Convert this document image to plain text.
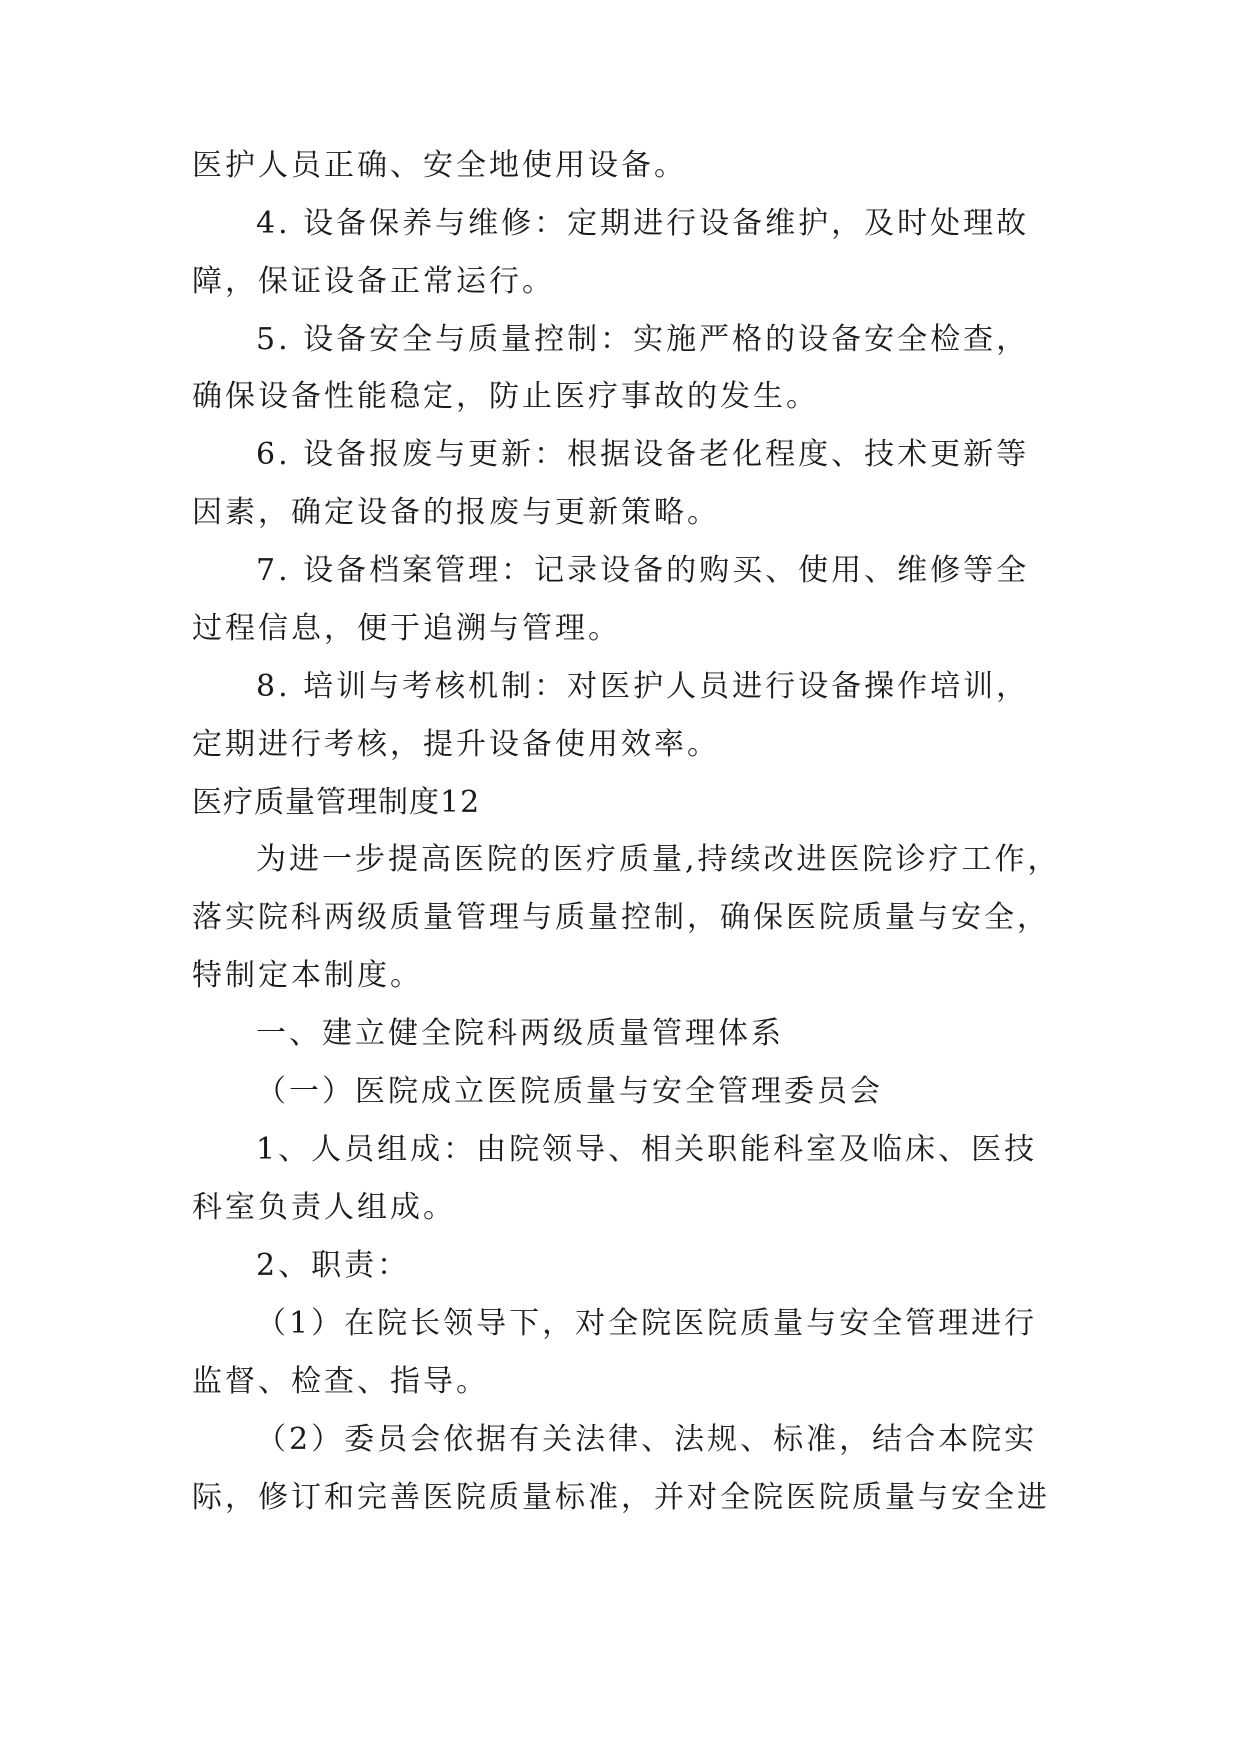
医护人员正确、安全地使用设备。
4. 设备保养与维修：定期进行设备维护，及时处理故
障，保证设备正常运行。
5. 设备安全与质量控制：实施严格的设备安全检查，
确保设备性能稳定，防止医疗事故的发生。
6. 设备报废与更新：根据设备老化程度、技术更新等
因素，确定设备的报废与更新策略。
7. 设备档案管理：记录设备的购买、使用、维修等全
过程信息，便于追溯与管理。
8. 培训与考核机制：对医护人员进行设备操作培训，
定期进行考核，提升设备使用效率。
医疗质量管理制度12
为进一步提高医院的医疗质量,持续改进医院诊疗工作，
落实院科两级质量管理与质量控制，确保医院质量与安全，
特制定本制度。
一、建立健全院科两级质量管理体系
（一）医院成立医院质量与安全管理委员会
1、人员组成：由院领导、相关职能科室及临床、医技
科室负责人组成。
2、职责：
（1）在院长领导下，对全院医院质量与安全管理进行
监督、检查、指导。
（2）委员会依据有关法律、法规、标准，结合本院实
际，修订和完善医院质量标准，并对全院医院质量与安全进
